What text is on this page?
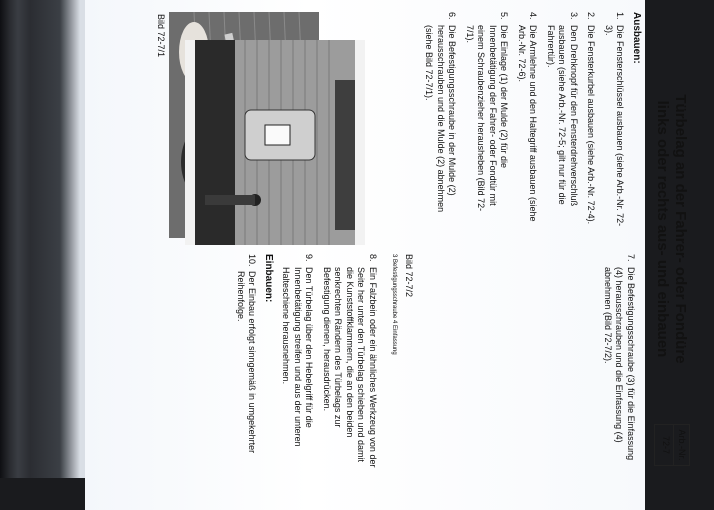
Türbelag an der Fahrer- oder Fondüre
links oder rechts aus- und einbauen
Arb.-Nr.
72-7
Ausbauen:
1.
Die Fensterschlüssel ausbauen (siehe Arb.-Nr. 72-3).
2.
Die Fensterkurbel ausbauen (siehe Arb.-Nr. 72-4).
3.
Den Drehknopf für den Fensterdrehverschluß ausbauen (siehe Arb.-Nr. 72-5; gilt nur für die Fahrertür).
4.
Die Armlehne und den Haltegriff ausbauen (siehe Arb.-Nr. 72-6).
5.
Die Einlage (1) der Mulde (2) für die Innenbetätigung der Fahrer- oder Fondtür mit einem Schraubenzieher herausheben (Bild 72-7/1).
6.
Die Befestigungsschraube in der Mulde (2) herausschrauben und die Mulde (2) abnehmen (siehe Bild 72-7/1).
Bild 72-7/1
7.
Die Befestigungsschraube (3) für die Einfassung (4) herausschrauben und die Einfassung (4) abnehmen (Bild 72-7/2).
Bild 72-7/2
3 Befestigungsschraube 4 Einfassung
8.
Ein Falzbein oder ein ähnliches Werkzeug von der Seite her unter den Türbelag schieben und damit die Kunststoffklammern, die an den beiden senkrechten Rändern des Türbelags zur Befestigung dienen, herausdrücken.
9.
Den Türbelag über den Hebelgriff für die Innenbetätigung streifen und aus der unteren Halteschiene herausnehmen.
Einbauen:
10.
Der Einbau erfolgt sinngemäß in umgekehrter Reihenfolge.
